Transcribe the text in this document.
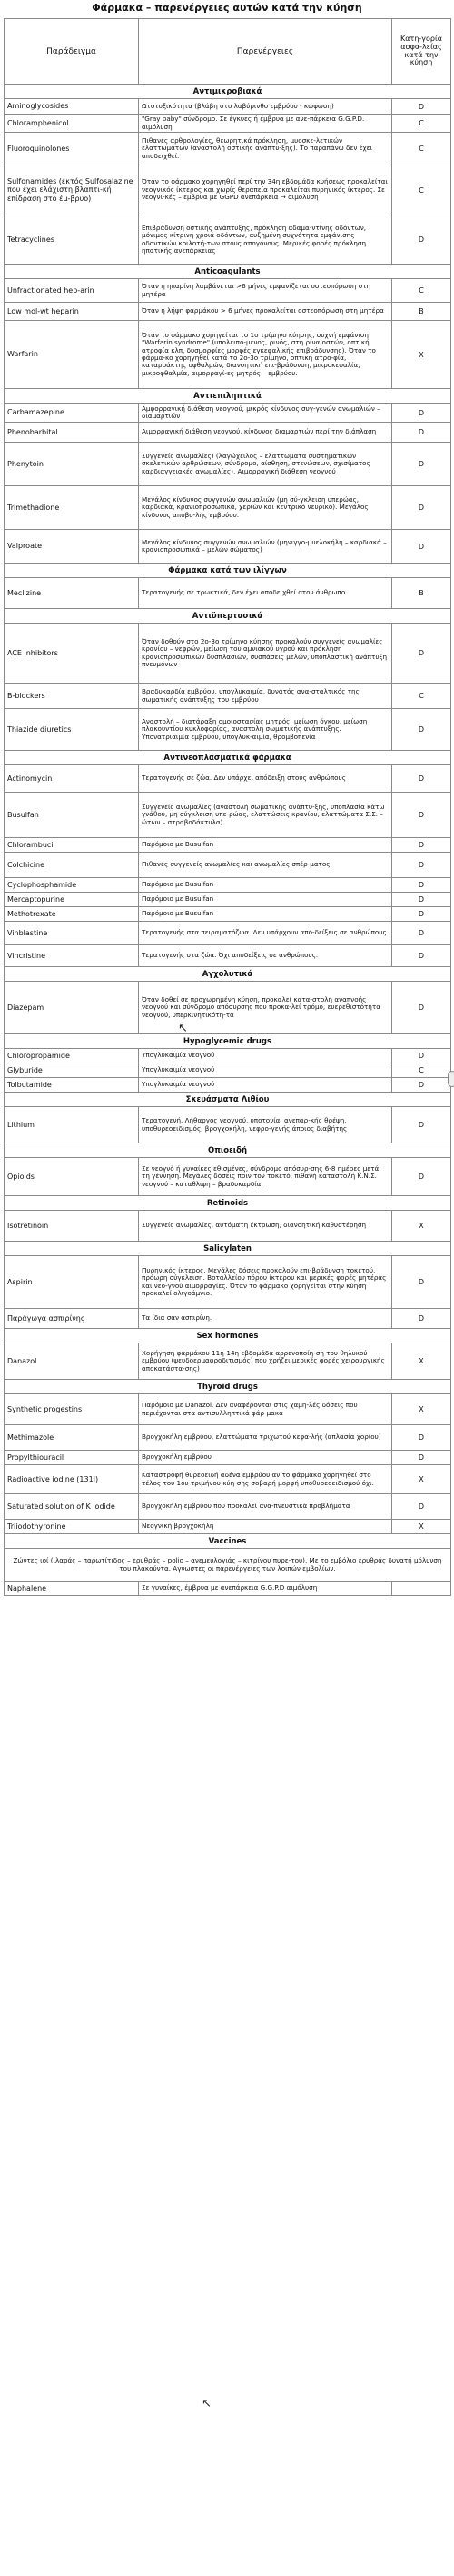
Φάρμακα – παρενέργειες αυτών κατά την κύηση
Παράδειγμα	Παρενέργειες	Κατη-γορία ασφα-λείας κατά την κύηση
Αντιμικροβιακά		
Aminoglycosides	Ωτοτοξικότητα (βλάβη στο λαβύρινθο εμβρύου - κώφωση)	D
Chloramphenicol	"Gray baby" σύνδρομο. Σε έγκυες ή έμβρυα με ανε-πάρκεια G.G.P.D. αιμόλυση	C
Fluoroquinolones	Πιθανές αρθρολογίες, θεωρητικά πρόκληση, μυοσκε-λετικών ελαττωμάτων (αναστολή οστικής ανάπτυ-ξης). Το παραπάνω δεν έχει αποδειχθεί.	C
Sulfonamides (εκτός Sulfosalazine που έχει ελάχιστη βλαπτι-κή επίδραση στο έμ-βρυο)	Όταν το φάρμακο χορηγηθεί περί την 34η εβδομάδα κυήσεως προκαλείται νεογνικός ίκτερος και χωρίς θεραπεία προκαλείται πυρηνικός ίκτερος. Σε νεογνι-κές – εμβρυα με GGPD ανεπάρκεια → αιμόλυση	C
Tetracyclines	Επιβράδυνση οστικής ανάπτυξης, πρόκληση αδαμα-ντίνης οδόντων, μόνιμος κίτρινη χροιά οδόντων, αυξημένη συχνότητα εμφάνισης οδοντικών κοιλοτή-των στους απογόνους. Μερικές φορές πρόκληση ηπατικής ανεπάρκειας	D
Anticoagulants		
Unfractionated hep-arin	Όταν η ηπαρίνη λαμβάνεται >6 μήνες εμφανίζεται οστεοπόρωση στη μητέρα	C
Low mol-wt heparin	Όταν η λήψη φαρμάκου > 6 μήνες προκαλείται οστεοπόρωση στη μητέρα	B
Warfarin	Όταν το φάρμακο χορηγείται το 1ο τρίμηνο κύησης, συχνή εμφάνιση "Warfarin syndrome" (υπολειπό-μενος, ρινός, στη ρίνα οστών, οπτική ατροφία κλπ, δυσμορφίες μορφές εγκεφαλικής επιβράδυνσης). Όταν το φάρμα-κο χορηγηθεί κατά το 2ο-3ο τρίμηνο, οπτική ατρο-φία, καταρράκτης οφθαλμών, διανοητική επι-βράδυνση, μικροκεφαλία, μικροφθαλμία, αιμορραγί-ες μητρός – εμβρύου.	X
Αντιεπιληπτικά		
Carbamazepine	Αμφορραγική διάθεση νεογνού, μικρός κίνδυνος συγ-γενών ανωμαλιών – διαμαρτιών	D
Phenobarbital	Αιμορραγική διάθεση νεογνού, κίνδυνος διαμαρτιών περί την διάπλαση	D
Phenytoin	Συγγενείς ανωμαλίες) (λαγώχειλος – ελαττωματα συστηματικών σκελετικών αρθρώσεων, σύνδρομο, αίσθηση, στενώσεων, σχισίματος καρδιαγγειακές ανωμαλίες), Αιμορραγική διάθεση νεογνού	D
Trimethadione	Μεγάλος κίνδυνος συγγενών ανωμαλιών (μη σύ-γκλειση υπερώας, καρδιακά, κρανιοπροσωπικά, χεριών και κεντρικό νευρικό). Μεγάλος κίνδυνος αποβο-λής εμβρύου.	D
Valproate	Μεγάλος κίνδυνος συγγενών ανωμαλιών (μηνιγγο-μυελοκήλη – καρδιακά – κρανιοπροσωπικά – μελών σώματος)	D
Φάρμακα κατά των ιλίγγων		
Meclizine	Τερατογενής σε τρωκτικά, δεν έχει αποδειχθεί στον άνθρωπο.	B
Αντιϋπερτασικά		
ACE inhibitors	Όταν δοθούν στο 2ο-3ο τρίμηνο κύησης προκαλούν συγγενείς ανωμαλίες κρανίου – νεφρών, μείωση του αμνιακού υγρού και πρόκληση κρανιοπροσωπικών δυσπλασιών, συσπάσεις μελών, υποπλαστική ανάπτυξη πνευμόνων	D
B-blockers	Βραδυκαρδία εμβρύου, υπογλυκαιμία, δυνατός ανα-σταλτικός της σωματικής ανάπτυξης του εμβρύου	C
Thiazide diuretics	Αναστολή – διατάραξη ομοιοστασίας μητρός, μείωση όγκου, μείωση πλακουντίου κυκλοφορίας, αναστολή σωματικής ανάπτυξης. Υπονατριαιμία εμβρύου, υπογλυκ-αιμία, θρομβοπενία	D
Αντινεοπλασματικά φάρμακα		
Actinomycin	Τερατογενής σε ζώα. Δεν υπάρχει απόδειξη στους ανθρώπους	D
Busulfan	Συγγενείς ανωμαλίες (αναστολή σωματικής ανάπτυ-ξης, υποπλασία κάτω γνάθου, μη σύγκλειση υπε-ρώας, ελαττώσεις κρανίου, ελαττώματα Σ.Σ. – ώτων – στραβοδάκτυλα)	D
Chlorambucil	Παρόμοιο με Busulfan	D
Colchicine	Πιθανές συγγενείς ανωμαλίες και ανωμαλίες σπέρ-ματος	D
Cyclophosphamide	Παρόμοιο με Busulfan	D
Mercaptopurine	Παρόμοιο με Busulfan	D
Methotrexate	Παρόμοιο με Busulfan	D
Vinblastine	Τερατογενής στα πειραματόζωα. Δεν υπάρχουν από-δείξεις σε ανθρώπους.	D
Vincristine	Τερατογενής στα ζώα. Όχι αποδείξεις σε ανθρώπους.	D
Αγχολυτικά		
Diazepam	Όταν δοθεί σε προχωρημένη κύηση, προκαλεί κατα-στολή αναπνοής νεογνού και σύνδρομο απόσυρσης που προκα-λεί τρόμο, ευερεθιστότητα νεογνού, υπερκινητικότη-τα	D
Hypoglycemic drugs		
Chloropropamide	Υπογλυκαιμία νεογνού	D
Glyburide	Υπογλυκαιμία νεογνού	C
Tolbutamide	Υπογλυκαιμία νεογνού	D
Σκευάσματα Λιθίου		
Lithium	Τερατογενή. Λήθαργος νεογνού, υποτονία, ανεπαρ-κής θρέψη, υποθυρεοειδισμός, βρογχοκήλη, νεφρο-γενής άποιος διαβήτης	D
Οπιοειδή		
Opioids	Σε νεογνό ή γυναίκες εθισμένες, σύνδρομο απόσυρ-σης 6-8 ημέρες μετά τη γέννηση. Μεγάλες δόσεις πριν τον τοκετό, πιθανή καταστολή Κ.Ν.Σ. νεογνού – καταθλιψη – βραδυκαρδία.	D
Retinoids		
Isotretinoin	Συγγενείς ανωμαλίες, αυτόματη έκτρωση, διανοητική καθυστέρηση	X
Salicylaten		
Aspirin	Πυρηνικός ίκτερος. Μεγάλες δόσεις προκαλούν επι-βράδυνση τοκετού, πρόωρη σύγκλειση. Βοταλλείου πόρου ίκτερου και μερικές φορές μητέρας και νεο-γνού αιμορραγίες. Όταν το φάρμακο χορηγείται στην κύηση προκαλεί ολιγοάμνιο.	D
Παράγωγα ασπιρίνης	Τα ίδια σαν ασπιρίνη.	D
Sex hormones		
Danazol	Χορήγηση φαρμάκου 11η-14η εβδομάδα αρρενοποίη-ση του θηλυκού εμβρύου (ψευδοερμαφροδιτισμός) που χρήζει μερικές φορές χειρουργικής αποκατάστα-σης)	X
Thyroid drugs		
Synthetic progestins	Παρόμοιο με Danazol. Δεν αναφέρονται στις χαμη-λές δόσεις που περιέχονται στα αντισυλληπτικά φάρ-μακα	X
Methimazole	Βρογχοκήλη εμβρύου, ελαττώματα τριχωτού κεφα-λής (απλασία χορίου)	D
Propylthiouracil	Βρογχοκήλη εμβρύου	D
Radioactive iodine (131I)	Καταστροφή θυρεοειδή αδένα εμβρύου αν το φάρμακο χορηγηθεί στο τέλος του 1ου τριμήνου κύη-σης σοβαρή μορφή υποθυρεοειδισμού όχι.	X
Saturated solution of K iodide	Βρογχοκήλη εμβρύου που προκαλεί ανα-πνευστικά προβλήματα	D
Triiodothyronine	Νεογνική βρογχοκήλη	X
Vaccines		
Ζώντες ιοί (ιλαράς – παρωτίτιδος – ερυθράς – polio – ανεμευλογιάς – κιτρίνου πυρε-του). Με το εμβόλιο ερυθράς δυνατή μόλυνση του πλακούντα. Αγνωστες οι παρενέργειες των λοιπών εμβολίων.		
Naphalene	Σε γυναίκες, έμβρυα με ανεπάρκεια G.G.P.D αιμόλυση	
↖
↖
